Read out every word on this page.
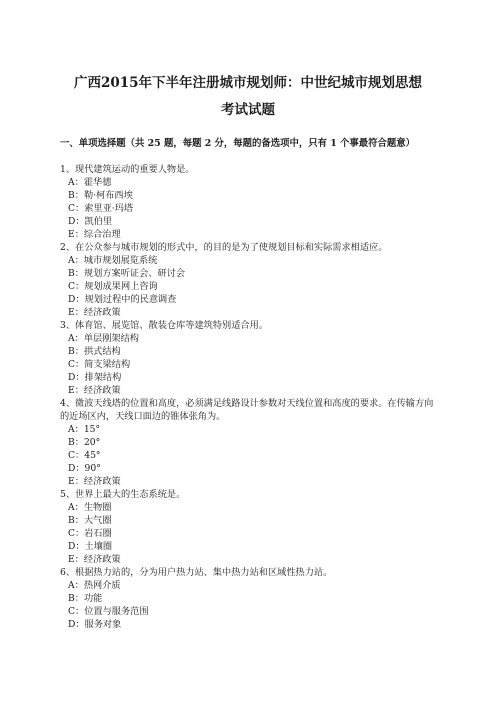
广西2015年下半年注册城市规划师：中世纪城市规划思想
考试试题
一、单项选择题（共 25 题，每题 2 分，每题的备选项中，只有 1 个事最符合题意）
1、现代建筑运动的重要人物是。
A：霍华德
B：勒·柯布西埃
C：索里亚·玛塔
D：凯伯里
E：综合治理
2、在公众参与城市规划的形式中，的目的是为了使规划目标和实际需求相适应。
A：城市规划展览系统
B：规划方案听证会、研讨会
C：规划成果网上咨询
D：规划过程中的民意调查
E：经济政策
3、体育馆、展览馆、散装仓库等建筑特别适合用。
A：单层刚架结构
B：拱式结构
C：简支梁结构
D：排架结构
E：经济政策
4、微波天线塔的位置和高度，必须满足线路设计参数对天线位置和高度的要求。在传输方向的近场区内，天线口面边的锥体张角为。
A：15°
B：20°
C：45°
D：90°
E：经济政策
5、世界上最大的生态系统是。
A：生物圈
B：大气圈
C：岩石圈
D：土壤圈
E：经济政策
6、根据热力站的，分为用户热力站、集中热力站和区域性热力站。
A：热网介质
B：功能
C：位置与服务范围
D：服务对象
